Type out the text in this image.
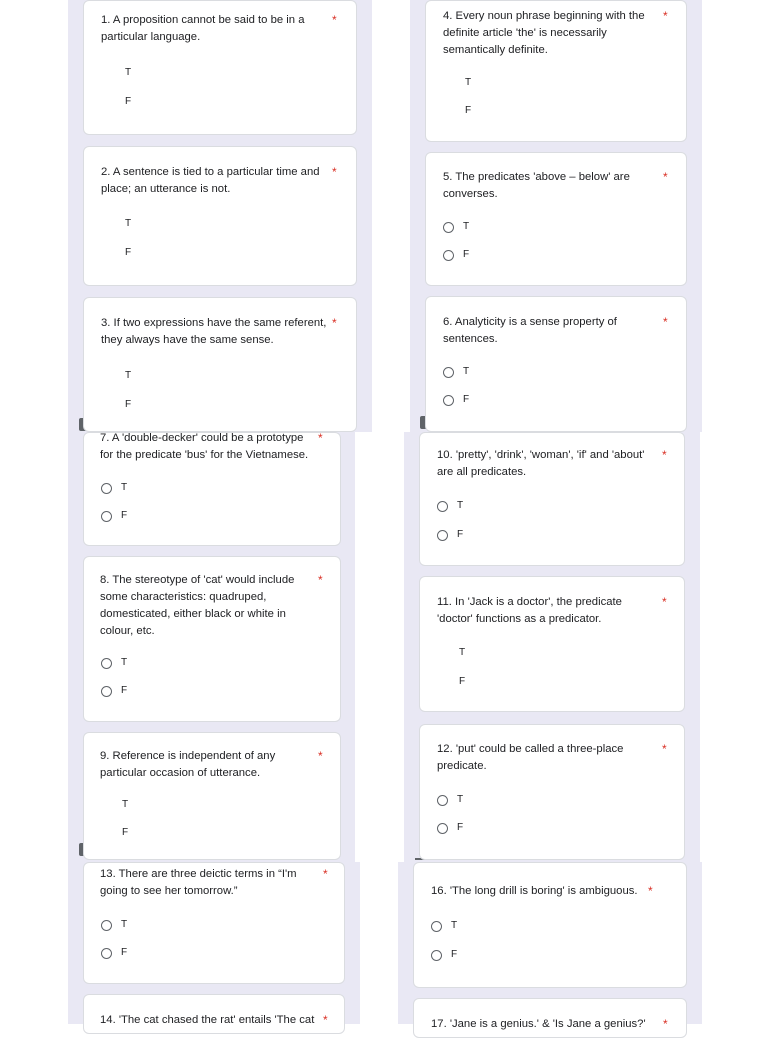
1. A proposition cannot be said to be in a particular language.
*
T
F
2. A sentence is tied to a particular time and place; an utterance is not.
*
T
F
3. If two expressions have the same referent, they always have the same sense.
*
T
F
4. Every noun phrase beginning with the definite article 'the' is necessarily semantically definite.
*
T
F
5. The predicates 'above – below' are converses.
*
T
F
6. Analyticity is a sense property of sentences.
*
T
F
7. A 'double-decker' could be a prototype for the predicate 'bus' for the Vietnamese.
*
T
F
8. The stereotype of 'cat' would include some characteristics: quadruped, domesticated, either black or white in colour, etc.
*
T
F
9. Reference is independent of any particular occasion of utterance.
*
T
F
10. 'pretty', 'drink', 'woman', 'if' and 'about' are all predicates.
*
T
F
11. In 'Jack is a doctor', the predicate 'doctor' functions as a predicator.
*
T
F
12. 'put' could be called a three-place predicate.
*
T
F
13. There are three deictic terms in “I'm going to see her tomorrow.”
*
T
F
14. 'The cat chased the rat' entails 'The cat *
16. 'The long drill is boring' is ambiguous. *
T
F
17. 'Jane is a genius.' & 'Is Jane a genius?'	*
